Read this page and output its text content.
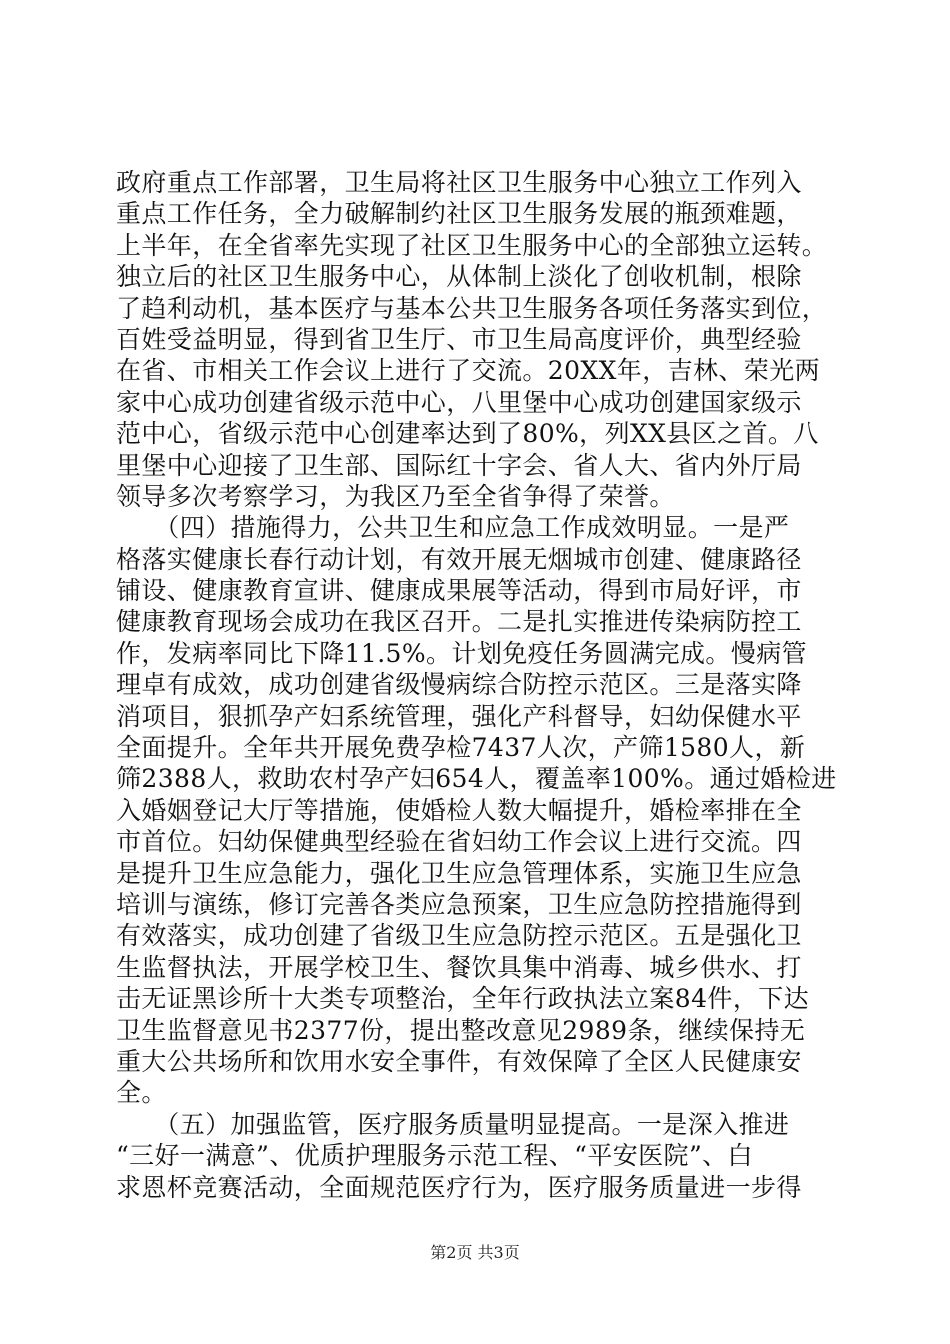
政府重点工作部署，卫生局将社区卫生服务中心独立工作列入
重点工作任务，全力破解制约社区卫生服务发展的瓶颈难题，
上半年，在全省率先实现了社区卫生服务中心的全部独立运转。
独立后的社区卫生服务中心，从体制上淡化了创收机制，根除
了趋利动机，基本医疗与基本公共卫生服务各项任务落实到位，
百姓受益明显，得到省卫生厅、市卫生局高度评价，典型经验
在省、市相关工作会议上进行了交流。20XX年，吉林、荣光两
家中心成功创建省级示范中心，八里堡中心成功创建国家级示
范中心，省级示范中心创建率达到了80%，列XX县区之首。八
里堡中心迎接了卫生部、国际红十字会、省人大、省内外厅局
领导多次考察学习，为我区乃至全省争得了荣誉。
　　（四）措施得力，公共卫生和应急工作成效明显。一是严
格落实健康长春行动计划，有效开展无烟城市创建、健康路径
铺设、健康教育宣讲、健康成果展等活动，得到市局好评，市
健康教育现场会成功在我区召开。二是扎实推进传染病防控工
作，发病率同比下降11.5%。计划免疫任务圆满完成。慢病管
理卓有成效，成功创建省级慢病综合防控示范区。三是落实降
消项目，狠抓孕产妇系统管理，强化产科督导，妇幼保健水平
全面提升。全年共开展免费孕检7437人次，产筛1580人，新
筛2388人，救助农村孕产妇654人，覆盖率100%。通过婚检进
入婚姻登记大厅等措施，使婚检人数大幅提升，婚检率排在全
市首位。妇幼保健典型经验在省妇幼工作会议上进行交流。四
是提升卫生应急能力，强化卫生应急管理体系，实施卫生应急
培训与演练，修订完善各类应急预案，卫生应急防控措施得到
有效落实，成功创建了省级卫生应急防控示范区。五是强化卫
生监督执法，开展学校卫生、餐饮具集中消毒、城乡供水、打
击无证黑诊所十大类专项整治，全年行政执法立案84件，下达
卫生监督意见书2377份，提出整改意见2989条，继续保持无
重大公共场所和饮用水安全事件，有效保障了全区人民健康安
全。
　　（五）加强监管，医疗服务质量明显提高。一是深入推进
“三好一满意”、优质护理服务示范工程、“平安医院”、白
求恩杯竞赛活动，全面规范医疗行为，医疗服务质量进一步得
第2页 共3页
